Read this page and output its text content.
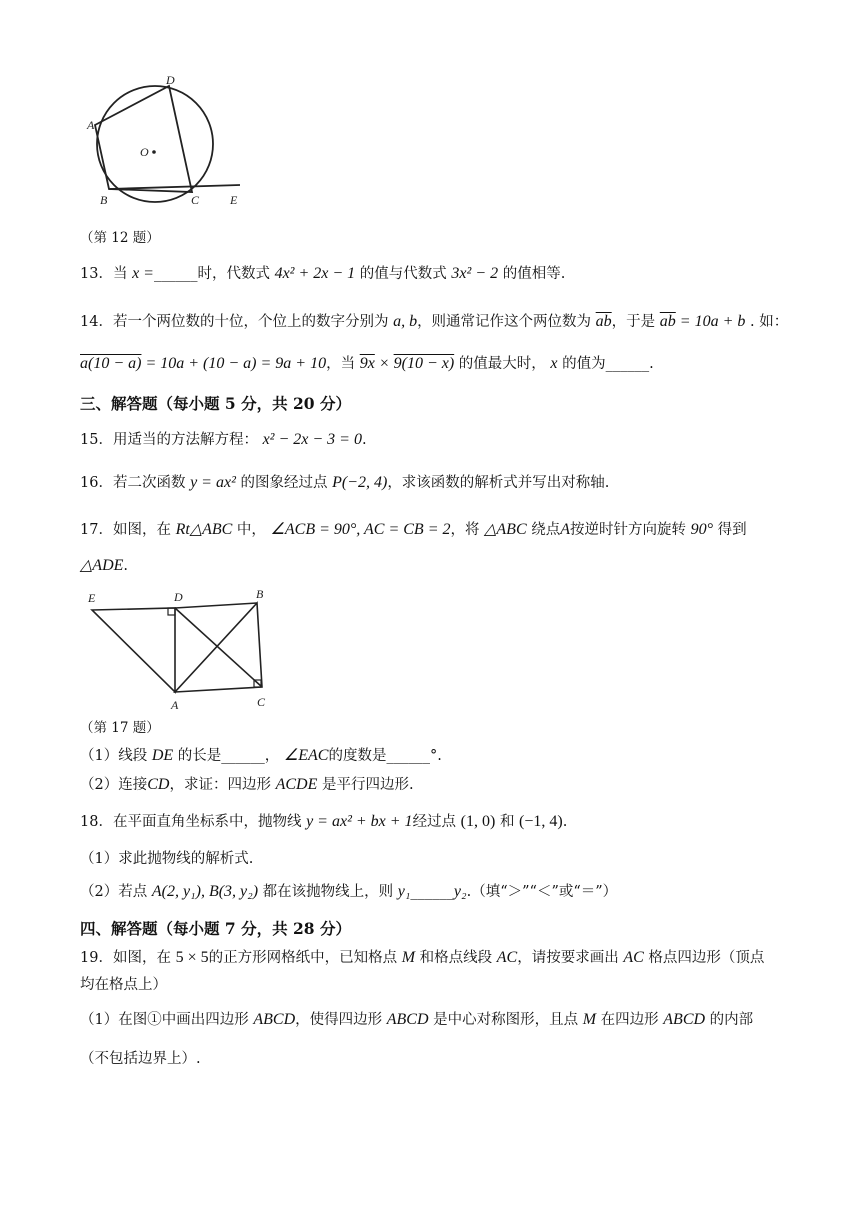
D
A
O
B	C	E
（第 12 题）
13．当 x =______时，代数式 4x² + 2x − 1 的值与代数式 3x² − 2 的值相等.
14．若一个两位数的十位，个位上的数字分别为 a, b，则通常记作这个两位数为 $\overline{ab}$，于是 $\overline{ab} = 10a + b$ . 如：
a(10 − a) = 10a + (10 − a) = 9a + 10，当 9x × 9(10 − x) 的值最大时， x 的值为______.
三、解答题（每小题 5 分，共 20 分）
15．用适当的方法解方程： x² − 2x − 3 = 0.
16．若二次函数 y = ax² 的图象经过点 P(−2, 4)，求该函数的解析式并写出对称轴.
17．如图，在 Rt△ABC 中， ∠ACB = 90°, AC = CB = 2，将 △ABC 绕点A按逆时针方向旋转 90° 得到
△ADE.
E	D	B
A	C
（第 17 题）
（1）线段 DE 的长是______， ∠EAC的度数是______°.
（2）连接CD，求证：四边形 ACDE 是平行四边形.
18．在平面直角坐标系中，抛物线 y = ax² + bx + 1经过点 (1, 0) 和 (−1, 4).
（1）求此抛物线的解析式.
（2）若点 A(2, y₁), B(3, y₂) 都在该抛物线上，则 y₁______y₂.（填“＞”“＜”或“＝”）
四、解答题（每小题 7 分，共 28 分）
19．如图，在 5 × 5的正方形网格纸中，已知格点 M 和格点线段 AC，请按要求画出 AC 格点四边形（顶点
均在格点上）
（1）在图①中画出四边形 ABCD，使得四边形 ABCD 是中心对称图形，且点 M 在四边形 ABCD 的内部
（不包括边界上）.
